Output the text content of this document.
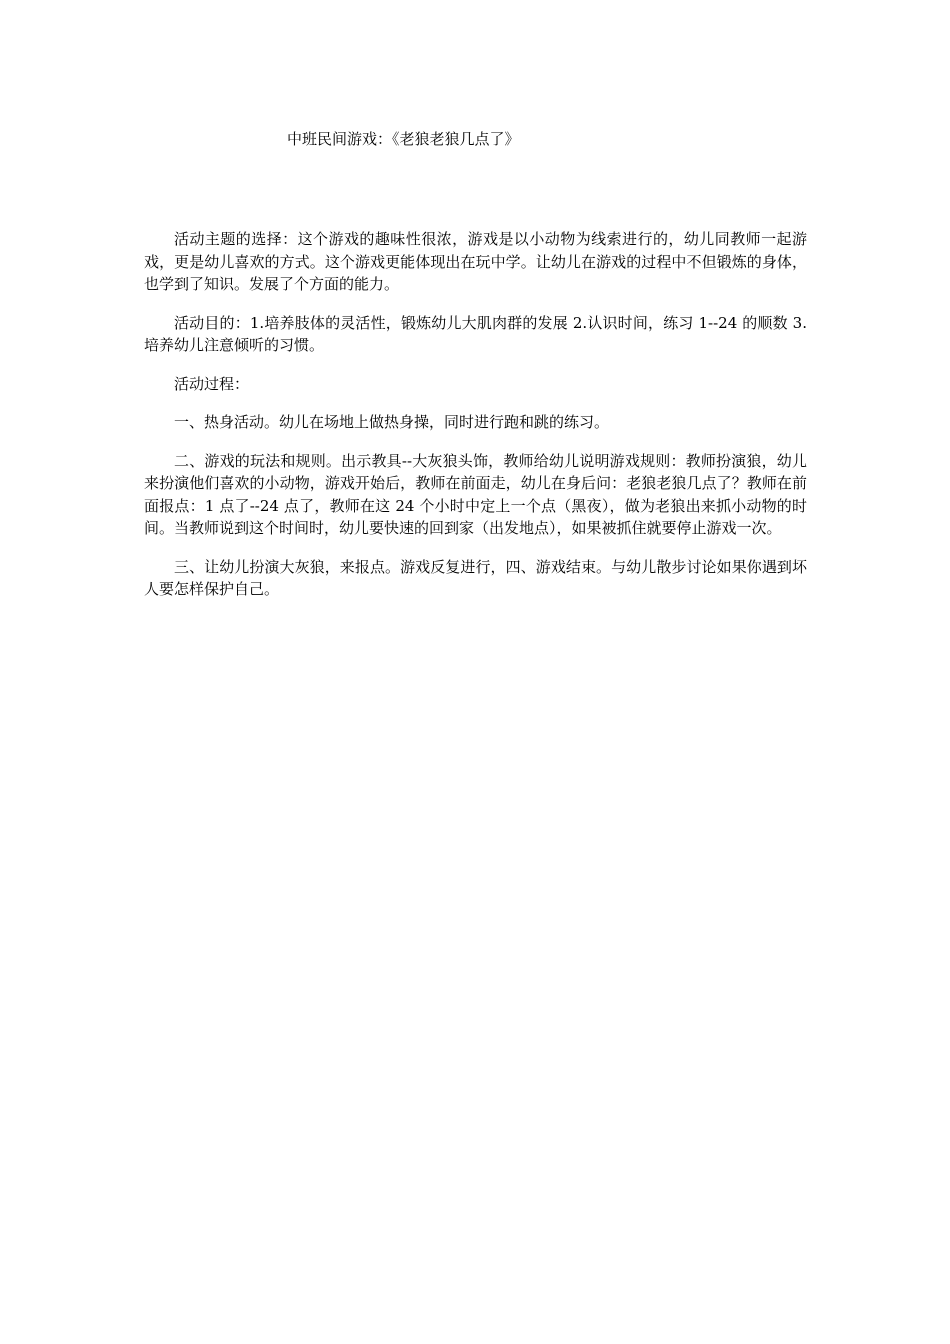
中班民间游戏：《老狼老狼几点了》

活动主题的选择：这个游戏的趣味性很浓，游戏是以小动物为线索进行的，幼儿同教师一起游戏，更是幼儿喜欢的方式。这个游戏更能体现出在玩中学。让幼儿在游戏的过程中不但锻炼的身体，也学到了知识。发展了个方面的能力。

活动目的：1.培养肢体的灵活性，锻炼幼儿大肌肉群的发展 2.认识时间，练习 1--24 的顺数 3. 培养幼儿注意倾听的习惯。

活动过程：

一、热身活动。幼儿在场地上做热身操，同时进行跑和跳的练习。

二、游戏的玩法和规则。出示教具--大灰狼头饰，教师给幼儿说明游戏规则：教师扮演狼，幼儿来扮演他们喜欢的小动物，游戏开始后，教师在前面走，幼儿在身后问：老狼老狼几点了？教师在前面报点：1 点了--24 点了，教师在这 24 个小时中定上一个点（黑夜），做为老狼出来抓小动物的时间。当教师说到这个时间时，幼儿要快速的回到家（出发地点），如果被抓住就要停止游戏一次。

三、让幼儿扮演大灰狼，来报点。游戏反复进行，四、游戏结束。与幼儿散步讨论如果你遇到坏人要怎样保护自己。
